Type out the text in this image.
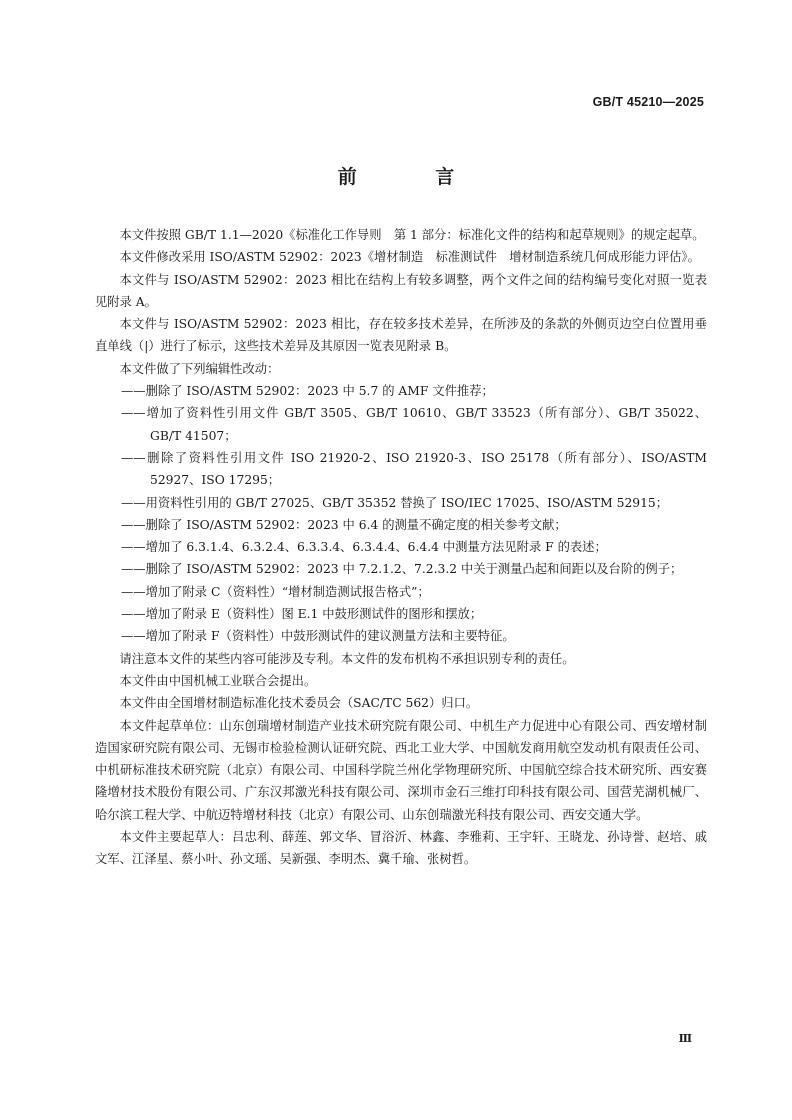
GB/T 45210—2025
前 言

本文件按照 GB/T 1.1—2020《标准化工作导则　第 1 部分：标准化文件的结构和起草规则》的规定起草。

本文件修改采用 ISO/ASTM 52902：2023《增材制造　标准测试件　增材制造系统几何成形能力评估》。

本文件与 ISO/ASTM 52902：2023 相比在结构上有较多调整，两个文件之间的结构编号变化对照一览表见附录 A。

本文件与 ISO/ASTM 52902：2023 相比，存在较多技术差异，在所涉及的条款的外侧页边空白位置用垂直单线（|）进行了标示，这些技术差异及其原因一览表见附录 B。

本文件做了下列编辑性改动：

——删除了 ISO/ASTM 52902：2023 中 5.7 的 AMF 文件推荐；

——增加了资料性引用文件 GB/T 3505、GB/T 10610、GB/T 33523（所有部分）、GB/T 35022、GB/T 41507；

——删除了资料性引用文件 ISO 21920-2、ISO 21920-3、ISO 25178（所有部分）、ISO/ASTM 52927、ISO 17295；

——用资料性引用的 GB/T 27025、GB/T 35352 替换了 ISO/IEC 17025、ISO/ASTM 52915；

——删除了 ISO/ASTM 52902：2023 中 6.4 的测量不确定度的相关参考文献；

——增加了 6.3.1.4、6.3.2.4、6.3.3.4、6.3.4.4、6.4.4 中测量方法见附录 F 的表述；

——删除了 ISO/ASTM 52902：2023 中 7.2.1.2、7.2.3.2 中关于测量凸起和间距以及台阶的例子；

——增加了附录 C（资料性）“增材制造测试报告格式”；

——增加了附录 E（资料性）图 E.1 中鼓形测试件的图形和摆放；

——增加了附录 F（资料性）中鼓形测试件的建议测量方法和主要特征。

请注意本文件的某些内容可能涉及专利。本文件的发布机构不承担识别专利的责任。

本文件由中国机械工业联合会提出。

本文件由全国增材制造标准化技术委员会（SAC/TC 562）归口。

本文件起草单位：山东创瑞增材制造产业技术研究院有限公司、中机生产力促进中心有限公司、西安增材制造国家研究院有限公司、无锡市检验检测认证研究院、西北工业大学、中国航发商用航空发动机有限责任公司、中机研标准技术研究院（北京）有限公司、中国科学院兰州化学物理研究所、中国航空综合技术研究所、西安赛隆增材技术股份有限公司、广东汉邦激光科技有限公司、深圳市金石三维打印科技有限公司、国营芜湖机械厂、哈尔滨工程大学、中航迈特增材科技（北京）有限公司、山东创瑞激光科技有限公司、西安交通大学。

本文件主要起草人：吕忠利、薛莲、郭文华、冒浴沂、林鑫、李雅莉、王宇轩、王晓龙、孙诗誉、赵培、戚文军、江泽星、蔡小叶、孙文瑶、吴新强、李明杰、冀千瑜、张树哲。

Ⅲ
